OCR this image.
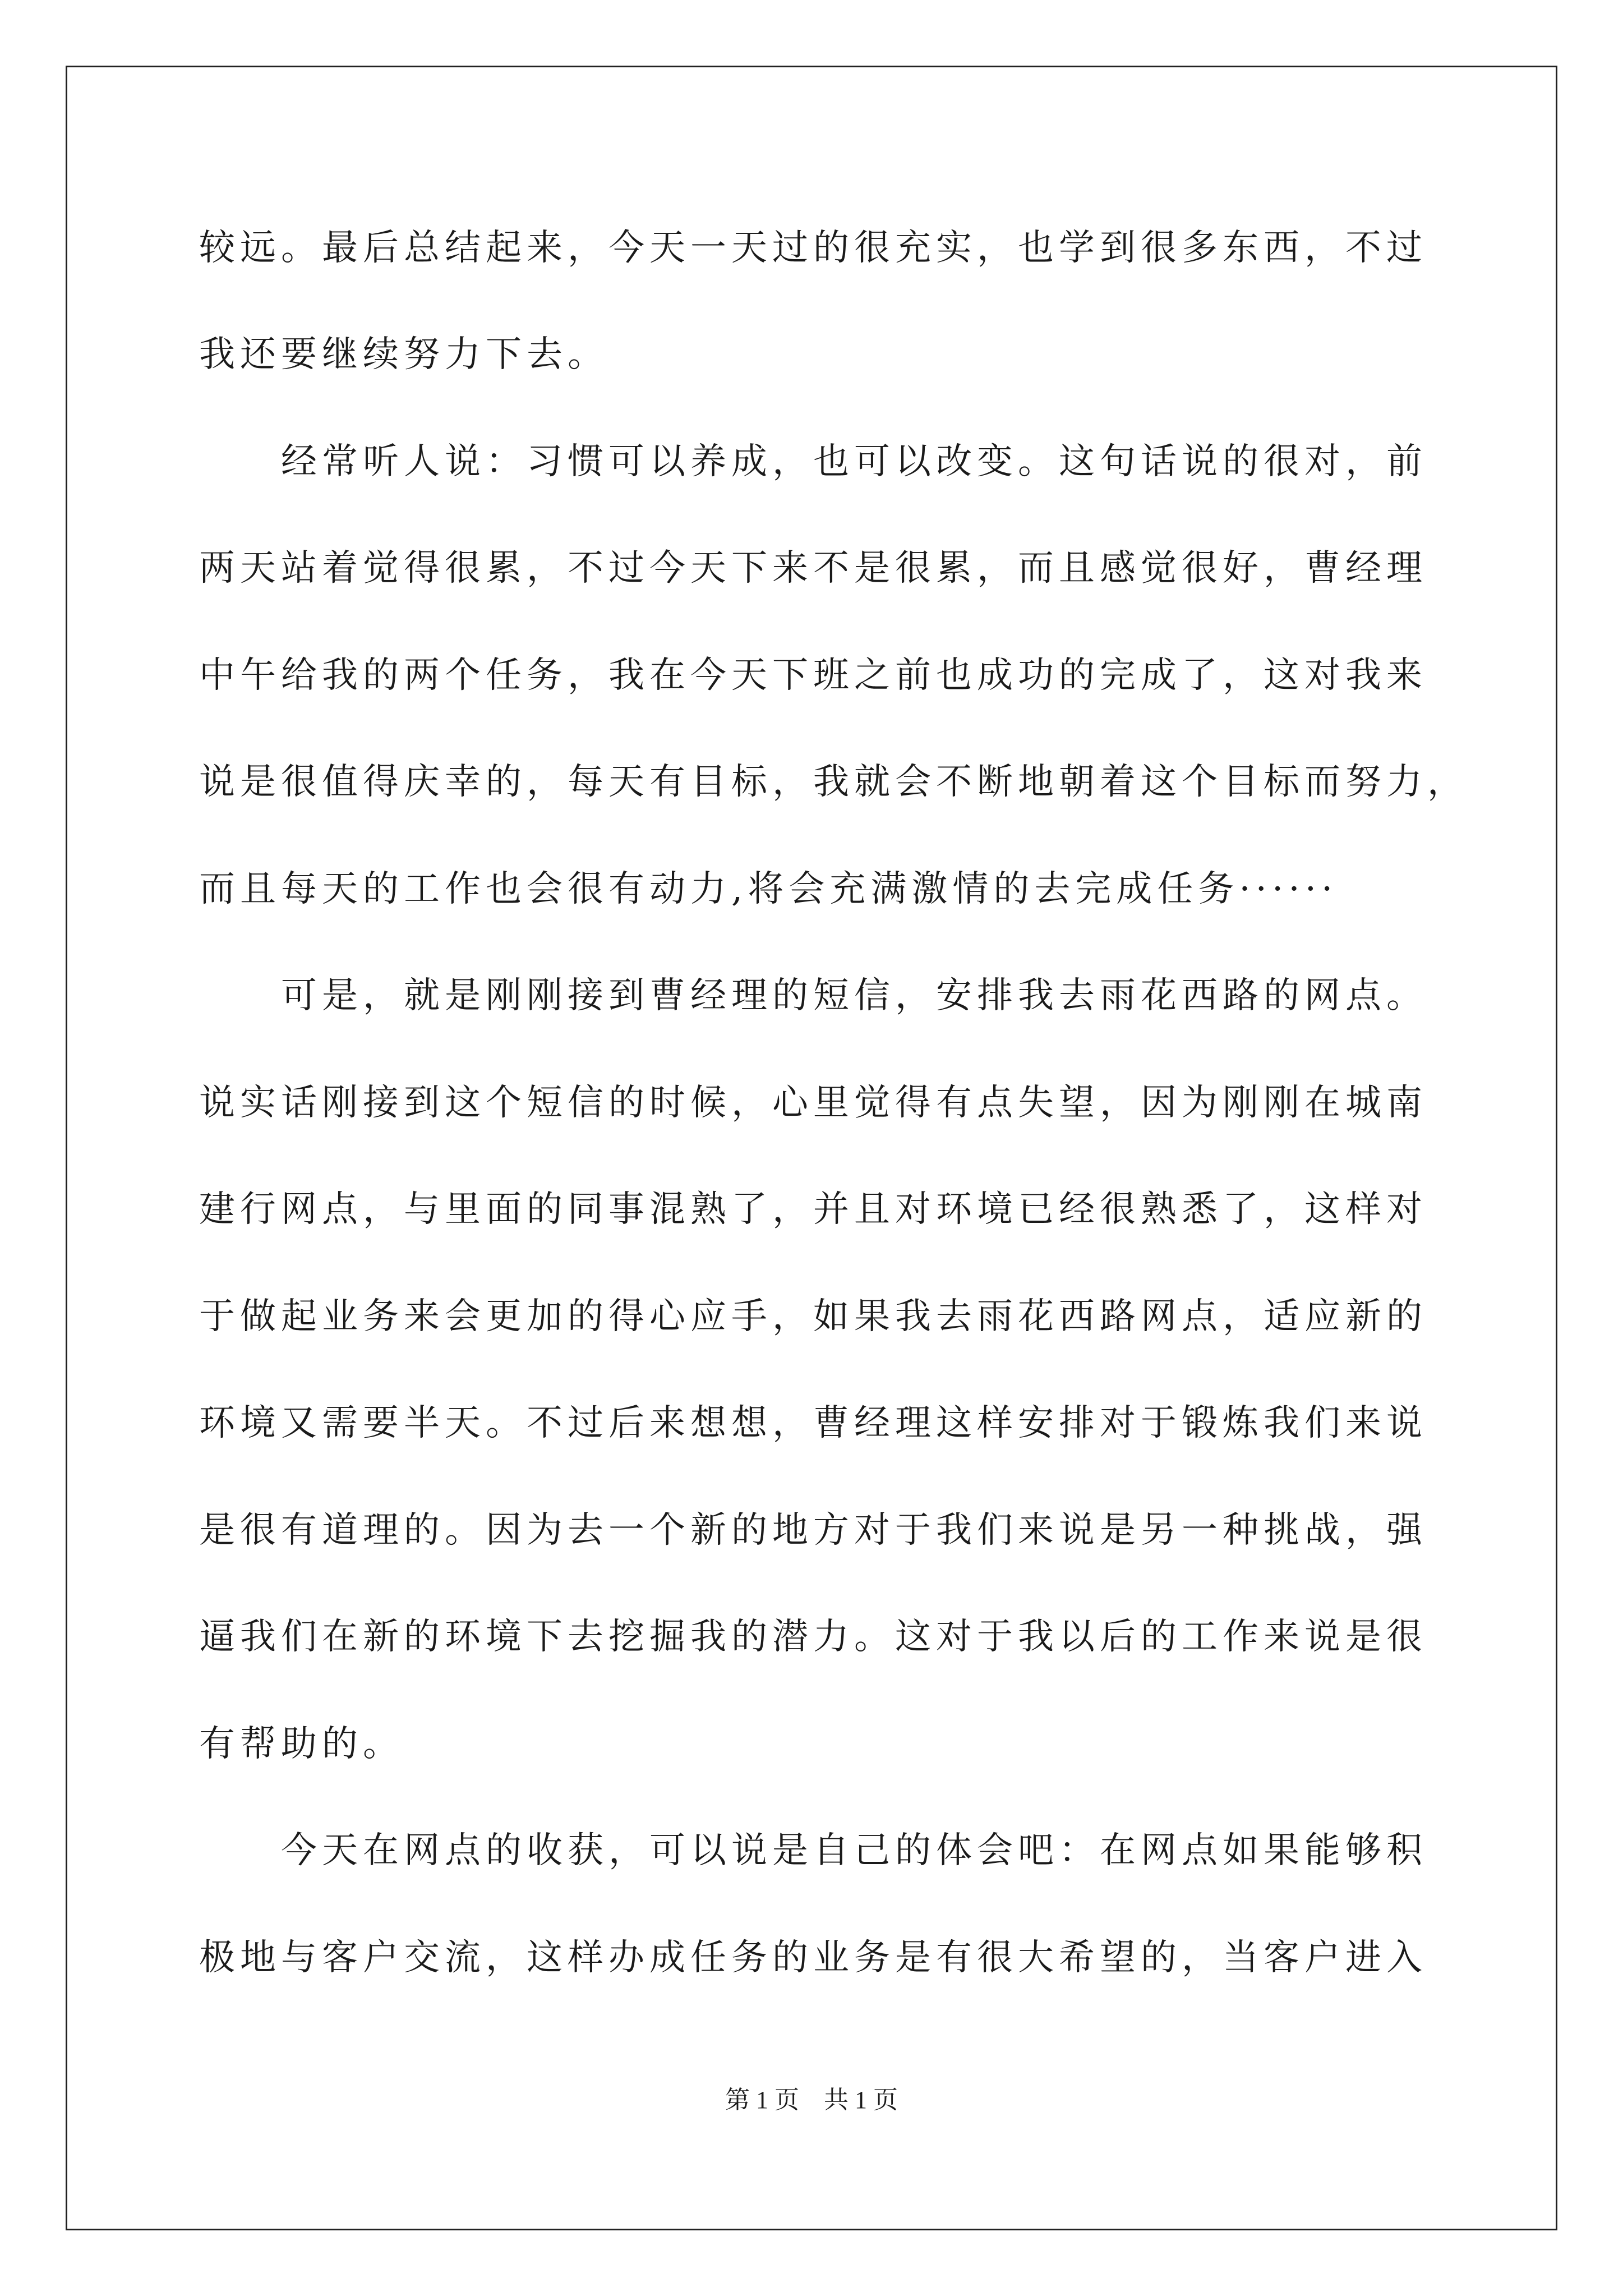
较远。最后总结起来，今天一天过的很充实，也学到很多东西，不过
我还要继续努力下去。
　　经常听人说：习惯可以养成，也可以改变。这句话说的很对，前
两天站着觉得很累，不过今天下来不是很累，而且感觉很好，曹经理
中午给我的两个任务，我在今天下班之前也成功的完成了，这对我来
说是很值得庆幸的，每天有目标，我就会不断地朝着这个目标而努力，
而且每天的工作也会很有动力,将会充满激情的去完成任务······
　　可是，就是刚刚接到曹经理的短信，安排我去雨花西路的网点。
说实话刚接到这个短信的时候，心里觉得有点失望，因为刚刚在城南
建行网点，与里面的同事混熟了，并且对环境已经很熟悉了，这样对
于做起业务来会更加的得心应手，如果我去雨花西路网点，适应新的
环境又需要半天。不过后来想想，曹经理这样安排对于锻炼我们来说
是很有道理的。因为去一个新的地方对于我们来说是另一种挑战，强
逼我们在新的环境下去挖掘我的潜力。这对于我以后的工作来说是很
有帮助的。
　　今天在网点的收获，可以说是自己的体会吧：在网点如果能够积
极地与客户交流，这样办成任务的业务是有很大希望的，当客户进入
第 1 页　共 1 页
